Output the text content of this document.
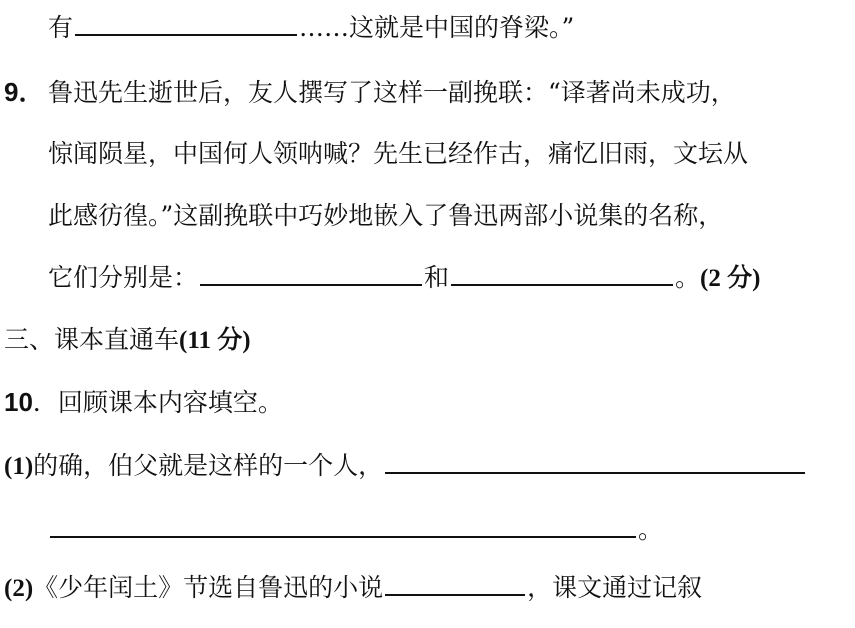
有	……这就是中国的脊梁。”
9． 鲁迅先生逝世后，友人撰写了这样一副挽联：“译著尚未成功，
惊闻陨星，中国何人领呐喊？先生已经作古，痛忆旧雨，文坛从
此感彷徨。”这副挽联中巧妙地嵌入了鲁迅两部小说集的名称，
它们分别是：	和	。(2 分)
三、课本直通车(11 分)
10．回顾课本内容填空。
(1)的确，伯父就是这样的一个人，
。
(2)《少年闰土》节选自鲁迅的小说	，课文通过记叙
